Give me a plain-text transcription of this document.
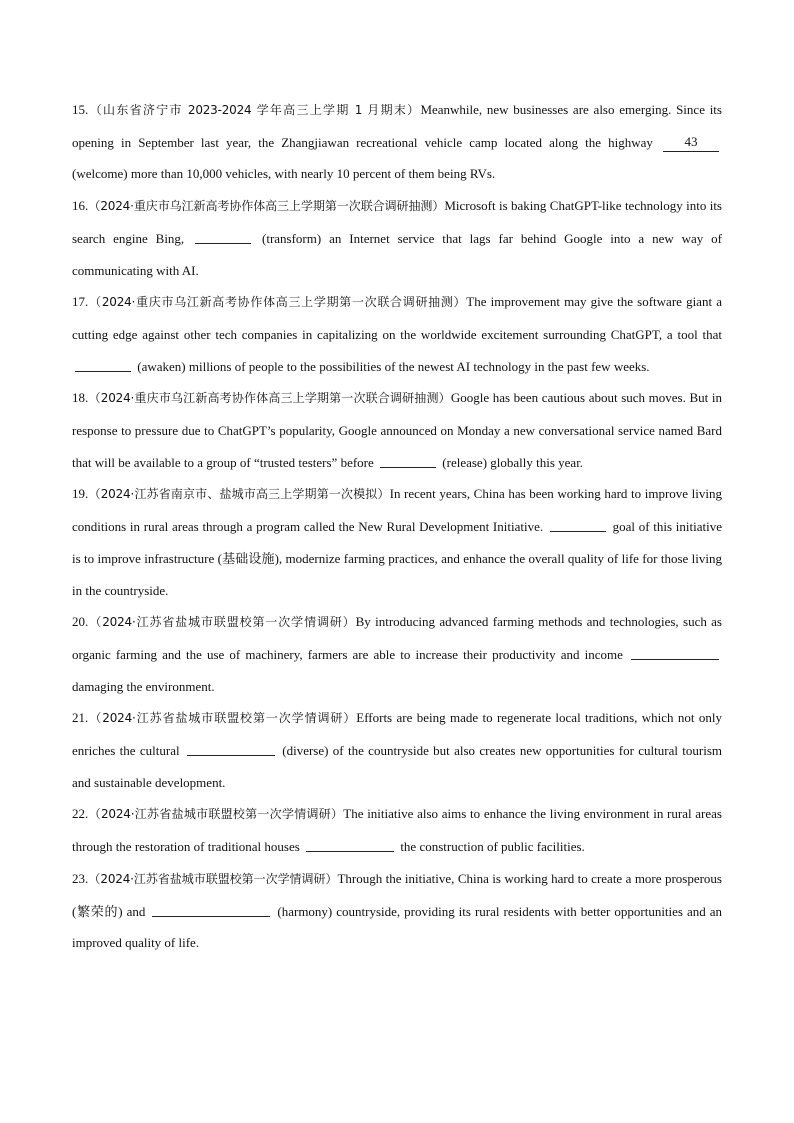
15.（山东省济宁市 2023-2024 学年高三上学期 1 月期末）Meanwhile, new businesses are also emerging. Since its opening in September last year, the Zhangjiawan recreational vehicle camp located along the highway 43 (welcome) more than 10,000 vehicles, with nearly 10 percent of them being RVs.

16.（2024·重庆市乌江新高考协作体高三上学期第一次联合调研抽测）Microsoft is baking ChatGPT-like technology into its search engine Bing,	(transform) an Internet service that lags far behind Google into a new way of communicating with AI.

17.（2024·重庆市乌江新高考协作体高三上学期第一次联合调研抽测）The improvement may give the software giant a cutting edge against other tech companies in capitalizing on the worldwide excitement surrounding ChatGPT, a tool that  (awaken) millions of people to the possibilities of the newest AI technology in the past few weeks.

18.（2024·重庆市乌江新高考协作体高三上学期第一次联合调研抽测）Google has been cautious about such moves. But in response to pressure due to ChatGPT’s popularity, Google announced on Monday a new conversational service named Bard that will be available to a group of “trusted testers” before	(release) globally this year.

19.（2024·江苏省南京市、盐城市高三上学期第一次模拟）In recent years, China has been working hard to improve living conditions in rural areas through a program called the New Rural Development Initiative.	goal of this initiative is to improve infrastructure (基础设施), modernize farming practices, and enhance the overall quality of life for those living in the countryside.

20.（2024·江苏省盐城市联盟校第一次学情调研）By introducing advanced farming methods and technologies, such as organic farming and the use of machinery, farmers are able to increase their productivity and income  damaging the environment.

21.（2024·江苏省盐城市联盟校第一次学情调研）Efforts are being made to regenerate local traditions, which not only enriches the cultural	(diverse) of the countryside but also creates new opportunities for cultural tourism and sustainable development.

22.（2024·江苏省盐城市联盟校第一次学情调研）The initiative also aims to enhance the living environment in rural areas through the restoration of traditional houses	the construction of public facilities.

23.（2024·江苏省盐城市联盟校第一次学情调研）Through the initiative, China is working hard to create a more prosperous (繁荣的) and	(harmony) countryside, providing its rural residents with better opportunities and an improved quality of life.
